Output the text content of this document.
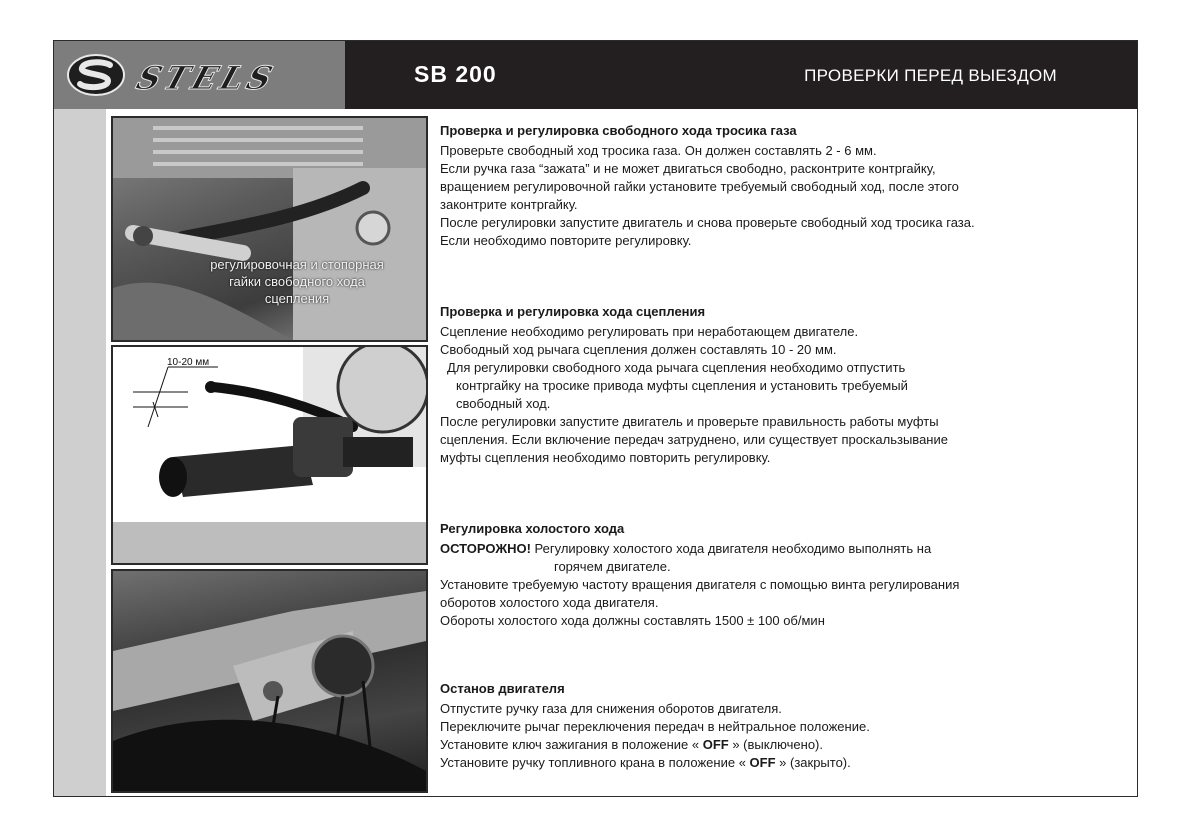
STELS	SB 200	ПРОВЕРКИ ПЕРЕД ВЫЕЗДОМ
регулировочная и стопорная
гайки свободного хода
сцепления
10-20 мм
Проверка и регулировка свободного хода тросика газа

Проверьте свободный ход тросика газа. Он должен составлять 2 - 6 мм.

Если ручка газа “зажата” и не может двигаться свободно, расконтрите контргайку,

вращением регулировочной гайки установите требуемый свободный ход, после этого

законтрите контргайку.

После регулировки запустите двигатель и снова проверьте свободный ход тросика газа.

Если необходимо повторите регулировку.

Проверка и регулировка хода сцепления

Сцепление необходимо регулировать при неработающем двигателе.

Свободный ход рычага сцепления должен составлять 10 - 20 мм.

Для регулировки свободного хода рычага сцепления необходимо отпустить

контргайку на тросике привода муфты сцепления и установить требуемый

свободный ход.

После регулировки запустите двигатель и проверьте правильность работы муфты

сцепления. Если включение передач затруднено, или существует проскальзывание

муфты сцепления необходимо повторить регулировку.

Регулировка холостого хода

ОСТОРОЖНО! Регулировку холостого хода двигателя необходимо выполнять на

горячем двигателе.

Установите требуемую частоту вращения двигателя с помощью винта регулирования

оборотов холостого хода двигателя.

Обороты холостого хода должны составлять 1500 ± 100 об/мин

Останов двигателя

Отпустите ручку газа для снижения оборотов двигателя.

Переключите рычаг переключения передач в нейтральное положение.

Установите ключ зажигания в положение « OFF » (выключено).

Установите ручку топливного крана в положение « OFF » (закрыто).
